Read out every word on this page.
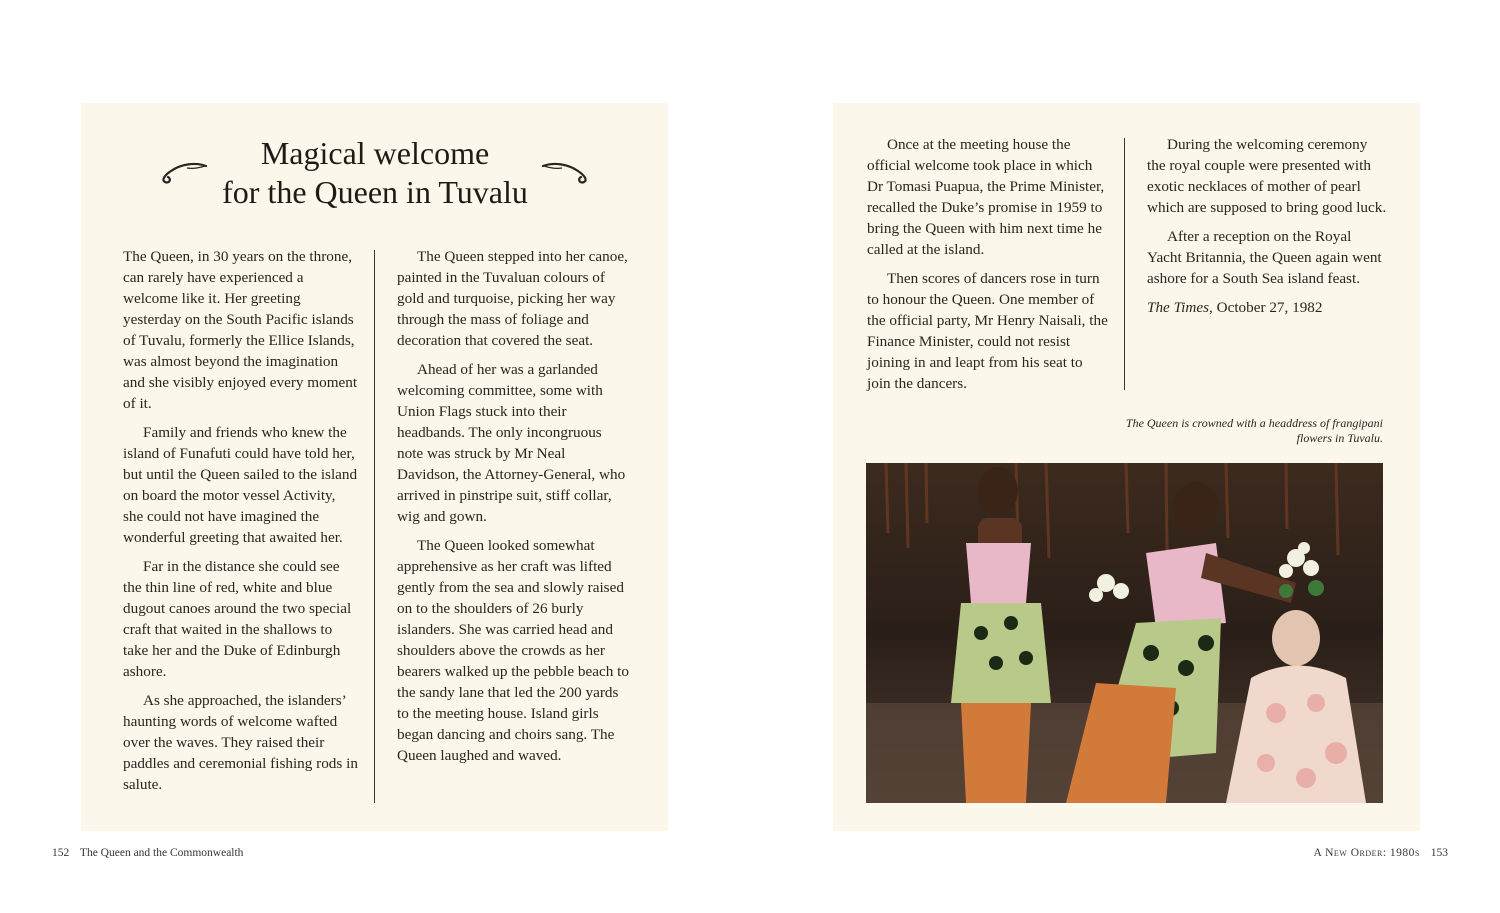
Magical welcome
for the Queen in Tuvalu

The Queen, in 30 years on the throne, can rarely have experienced a welcome like it. Her greeting yesterday on the South Pacific islands of Tuvalu, formerly the Ellice Islands, was almost beyond the imagination and she visibly enjoyed every moment of it.

Family and friends who knew the island of Funafuti could have told her, but until the Queen sailed to the island on board the motor vessel Activity, she could not have imagined the wonderful greeting that awaited her.

Far in the distance she could see the thin line of red, white and blue dugout canoes around the two special craft that waited in the shallows to take her and the Duke of Edinburgh ashore.

As she approached, the islanders’ haunting words of welcome wafted over the waves. They raised their paddles and ceremonial fishing rods in salute.

The Queen stepped into her canoe, painted in the Tuvaluan colours of gold and turquoise, picking her way through the mass of foliage and decoration that covered the seat.

Ahead of her was a garlanded welcoming committee, some with Union Flags stuck into their headbands. The only incongruous note was struck by Mr Neal Davidson, the Attorney-General, who arrived in pinstripe suit, stiff collar, wig and gown.

The Queen looked somewhat apprehensive as her craft was lifted gently from the sea and slowly raised on to the shoulders of 26 burly islanders. She was carried head and shoulders above the crowds as her bearers walked up the pebble beach to the sandy lane that led the 200 yards to the meeting house. Island girls began dancing and choirs sang. The Queen laughed and waved.

152 The Queen and the Commonwealth

Once at the meeting house the official welcome took place in which Dr Tomasi Puapua, the Prime Minister, recalled the Duke’s promise in 1959 to bring the Queen with him next time he called at the island.

Then scores of dancers rose in turn to honour the Queen. One member of the official party, Mr Henry Naisali, the Finance Minister, could not resist joining in and leapt from his seat to join the dancers.

During the welcoming ceremony the royal couple were presented with exotic necklaces of mother of pearl which are supposed to bring good luck.

After a reception on the Royal Yacht Britannia, the Queen again went ashore for a South Sea island feast.

The Times, October 27, 1982

The Queen is crowned with a headdress of frangipani flowers in Tuvalu.
A New Order: 1980s 153
